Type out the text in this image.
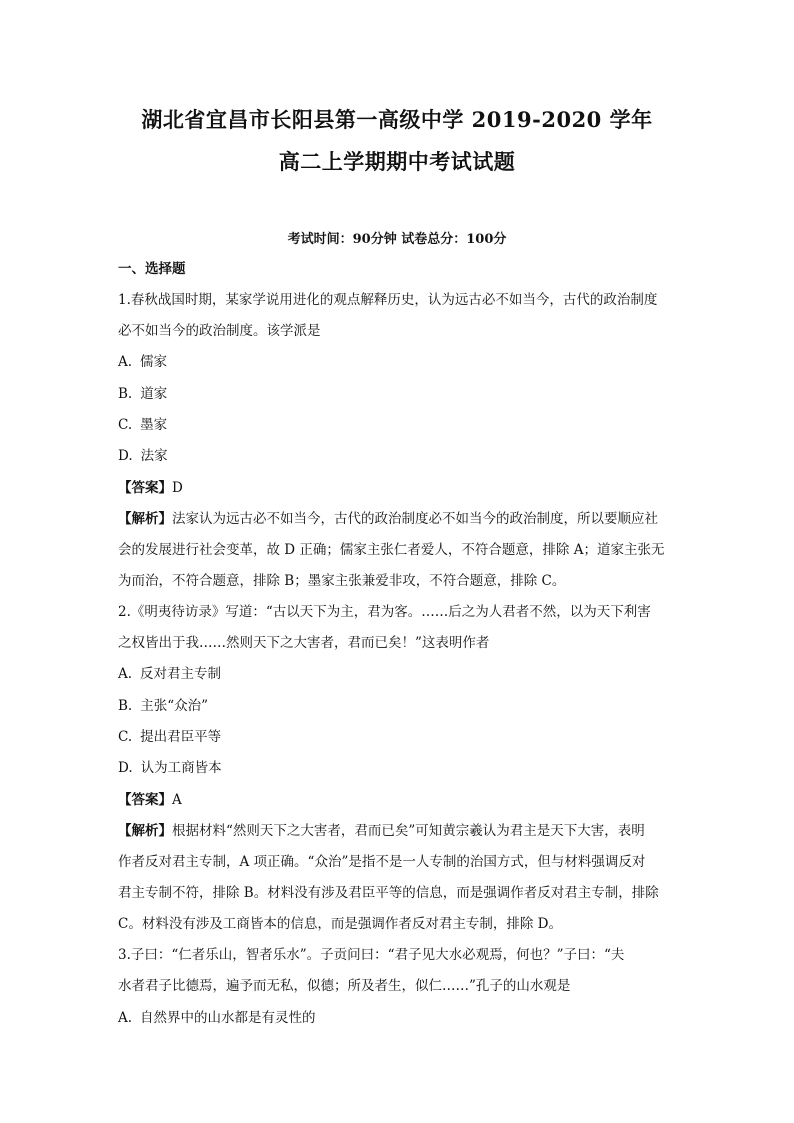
湖北省宜昌市长阳县第一高级中学 2019-2020 学年
高二上学期期中考试试题
考试时间：90分钟 试卷总分：100分
一、选择题
1.春秋战国时期，某家学说用进化的观点解释历史，认为远古必不如当今，古代的政治制度
必不如当今的政治制度。该学派是
A. 儒家
B. 道家
C. 墨家
D. 法家
【答案】D
【解析】法家认为远古必不如当今，古代的政治制度必不如当今的政治制度，所以要顺应社
会的发展进行社会变革，故 D 正确；儒家主张仁者爱人，不符合题意，排除 A；道家主张无
为而治，不符合题意，排除 B；墨家主张兼爱非攻，不符合题意，排除 C。
2.《明夷待访录》写道：“古以天下为主，君为客。……后之为人君者不然，以为天下利害
之权皆出于我……然则天下之大害者，君而已矣！”这表明作者
A. 反对君主专制
B. 主张“众治”
C. 提出君臣平等
D. 认为工商皆本
【答案】A
【解析】根据材料“然则天下之大害者，君而已矣”可知黄宗羲认为君主是天下大害，表明
作者反对君主专制，A 项正确。“众治”是指不是一人专制的治国方式，但与材料强调反对
君主专制不符，排除 B。材料没有涉及君臣平等的信息，而是强调作者反对君主专制，排除
C。材料没有涉及工商皆本的信息，而是强调作者反对君主专制，排除 D。
3.子曰：“仁者乐山，智者乐水”。子贡问曰：“君子见大水必观焉，何也？”子曰：“夫
水者君子比德焉，遍予而无私，似德；所及者生，似仁……”孔子的山水观是
A. 自然界中的山水都是有灵性的
